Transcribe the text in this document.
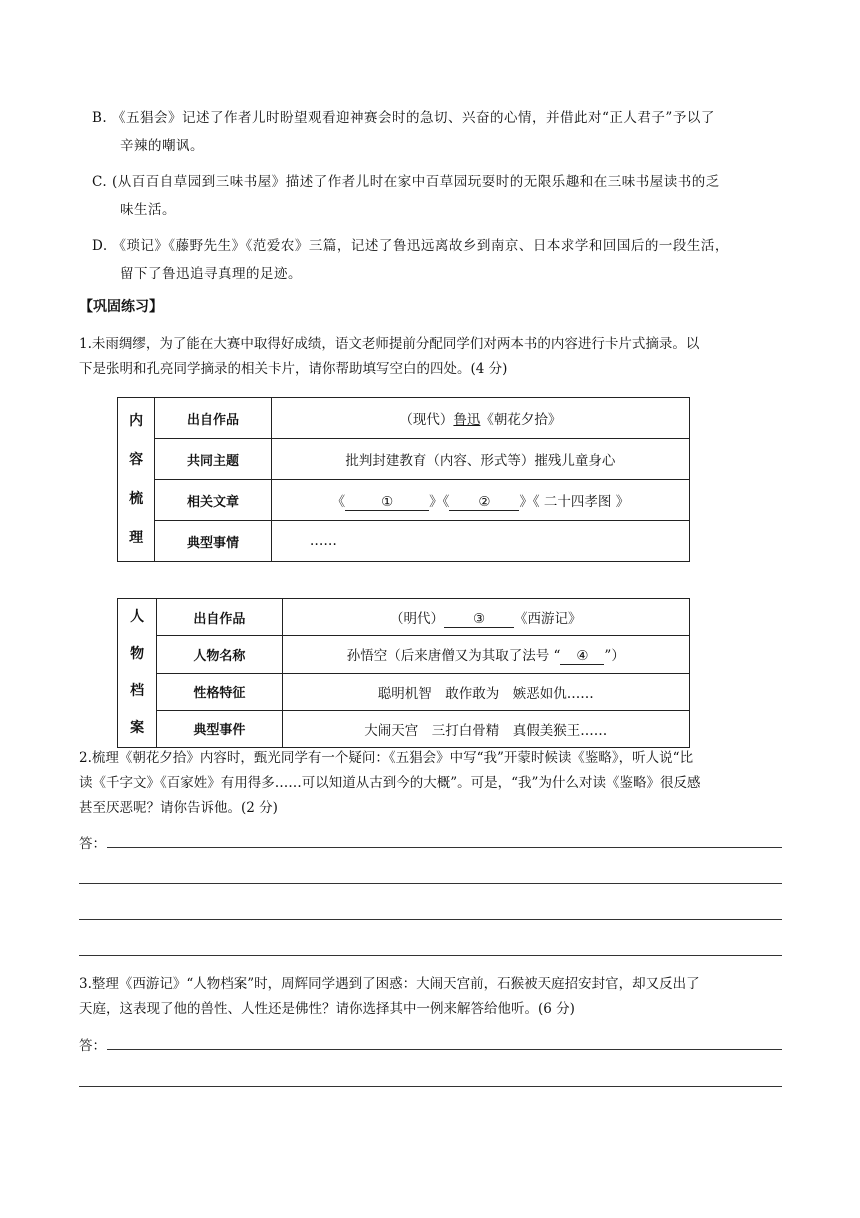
B. 《五猖会》记述了作者儿时盼望观看迎神赛会时的急切、兴奋的心情，并借此对“正人君子”予以了
辛辣的嘲讽。
C. (从百百自草园到三味书屋》描述了作者儿时在家中百草园玩耍时的无限乐趣和在三味书屋读书的乏
味生活。
D. 《琐记》《藤野先生》《范爱农》三篇，记述了鲁迅远离故乡到南京、日本求学和回国后的一段生活，
留下了鲁迅追寻真理的足迹。
【巩固练习】
1.未雨绸缪，为了能在大赛中取得好成绩，语文老师提前分配同学们对两本书的内容进行卡片式摘录。以
下是张明和孔亮同学摘录的相关卡片，请你帮助填写空白的四处。(4 分)
内
容
梳
理	出自作品	（现代）鲁迅《朝花夕拾》
	共同主题	批判封建教育（内容、形式等）摧残儿童身心
	相关文章	《 ① 》《 ② 》《 二十四孝图 》
	典型事情	……
人
物
档
案	出自作品	（明代） ③ 《西游记》
	人物名称	孙悟空（后来唐僧又为其取了法号 “ ④ ”）
	性格特征	聪明机智　敢作敢为　嫉恶如仇……
	典型事件	大闹天宫　三打白骨精　真假美猴王……
2.梳理《朝花夕拾》内容时，甄光同学有一个疑问：《五猖会》中写“我”开蒙时候读《鉴略》，听人说“比
读《千字文》《百家姓》有用得多……可以知道从古到今的大概”。可是，“我”为什么对读《鉴略》很反感
甚至厌恶呢？请你告诉他。(2 分)
答：
3.整理《西游记》“人物档案”时，周辉同学遇到了困惑：大闹天宫前，石猴被天庭招安封官，却又反出了
天庭，这表现了他的兽性、人性还是佛性？请你选择其中一例来解答给他听。(6 分)
答：
